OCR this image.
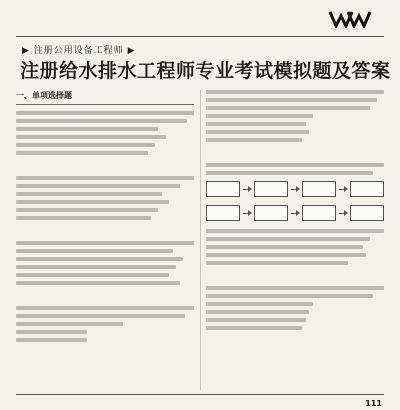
▶ 注册公用设备工程师 ▶
注册给水排水工程师专业考试模拟题及答案
一、单项选择题

111
